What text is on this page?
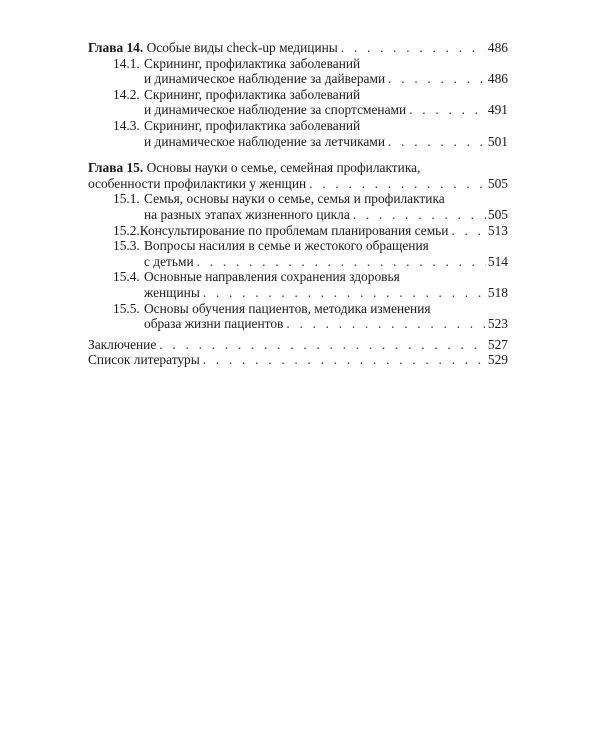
Глава 14. Особые виды check-up медицины . . .	486
14.1. Скрининг, профилактика заболеваний
и динамическое наблюдение за дайверами . . .	486
14.2. Скрининг, профилактика заболеваний
и динамическое наблюдение за спортсменами . . .	491
14.3. Скрининг, профилактика заболеваний
и динамическое наблюдение за летчиками . . .	501
Глава 15. Основы науки о семье, семейная профилактика,
особенности профилактики у женщин . . .	505
15.1. Семья, основы науки о семье, семья и профилактика
на разных этапах жизненного цикла . . .	505
15.2. Консультирование по проблемам планирования семьи . . .	513
15.3. Вопросы насилия в семье и жестокого обращения
с детьми . . .	514
15.4. Основные направления сохранения здоровья
женщины . . .	518
15.5. Основы обучения пациентов, методика изменения
образа жизни пациентов . . .	523
Заключение . . .	527
Список литературы . . .	529
